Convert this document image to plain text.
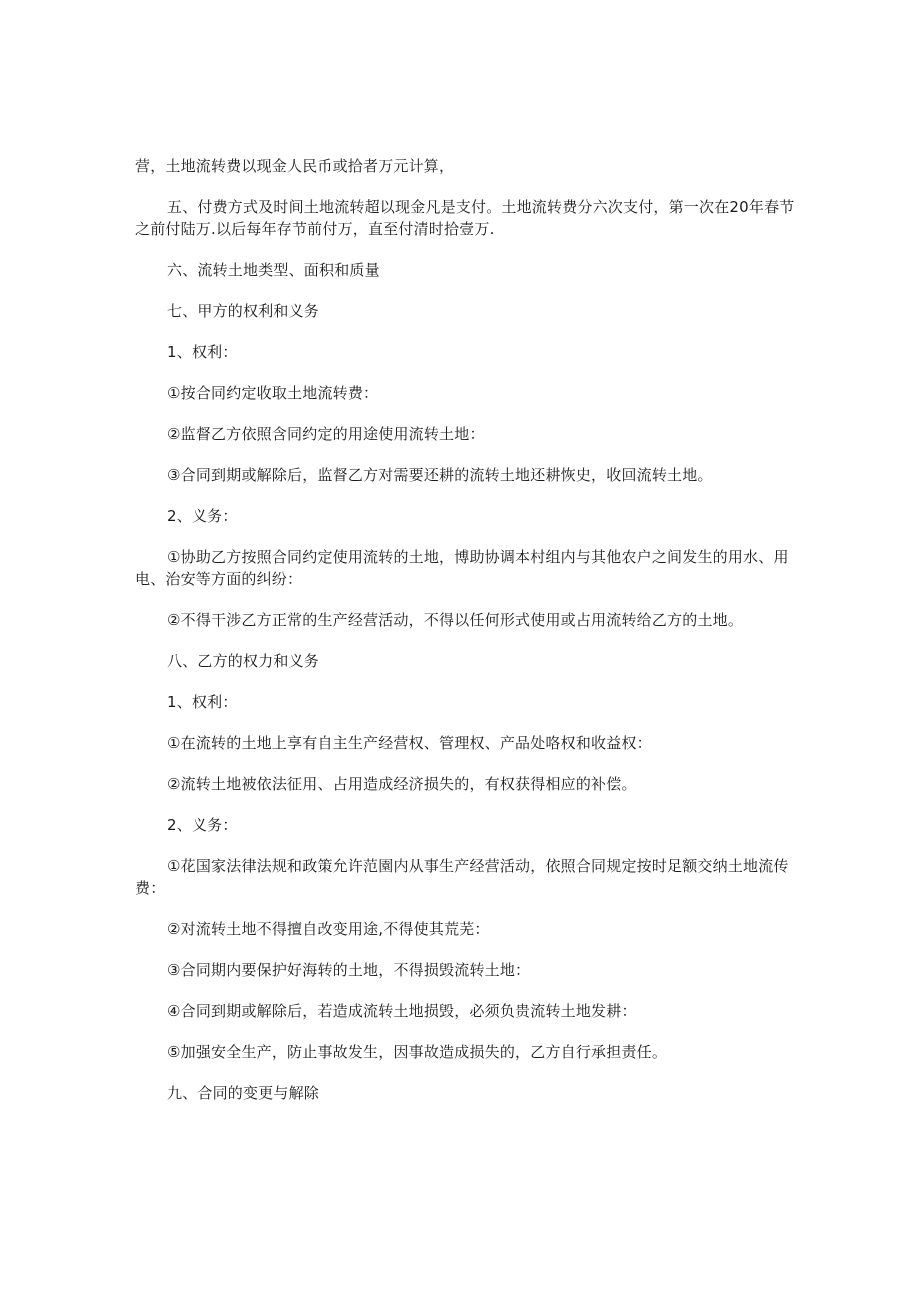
营，土地流转费以现金人民币或拾者万元计算，

五、付费方式及时间土地流转超以现金凡是支付。土地流转费分六次支付，第一次在20年春节之前付陆万.以后每年存节前付万，直至付清时拾壹万.

六、流转土地类型、面积和质量

七、甲方的权利和义务

1、权利：

①按合同约定收取土地流转费：

②监督乙方依照含同约定的用途使用流转土地：

③合同到期或解除后，监督乙方对需要还耕的流转土地还耕恢史，收回流转土地。

2、义务：

①协助乙方按照合同约定使用流转的土地，博助协调本村组内与其他农户之间发生的用水、用电、治安等方面的纠纷：

②不得干涉乙方正常的生产经营活动，不得以任何形式使用或占用流转给乙方的土地。

八、乙方的权力和义务

1、权利：

①在流转的土地上享有自主生产经营权、管理权、产品处咯权和收益权：

②流转土地被依法征用、占用造成经济损失的，有权获得相应的补偿。

2、义务：

①花国家法律法规和政策允许范園内从事生产经营活动，依照合同规定按时足额交纳土地流传费：

②对流转土地不得擅自改变用途,不得使其荒芜：

③合同期内要保护好海转的土地，不得损毁流转土地：

④合同到期或解除后，若造成流转土地损毁，必须负贵流转土地发耕：

⑤加强安全生产，防止事故发生，因事故造成损失的，乙方自行承担责任。

九、合同的变更与解除
